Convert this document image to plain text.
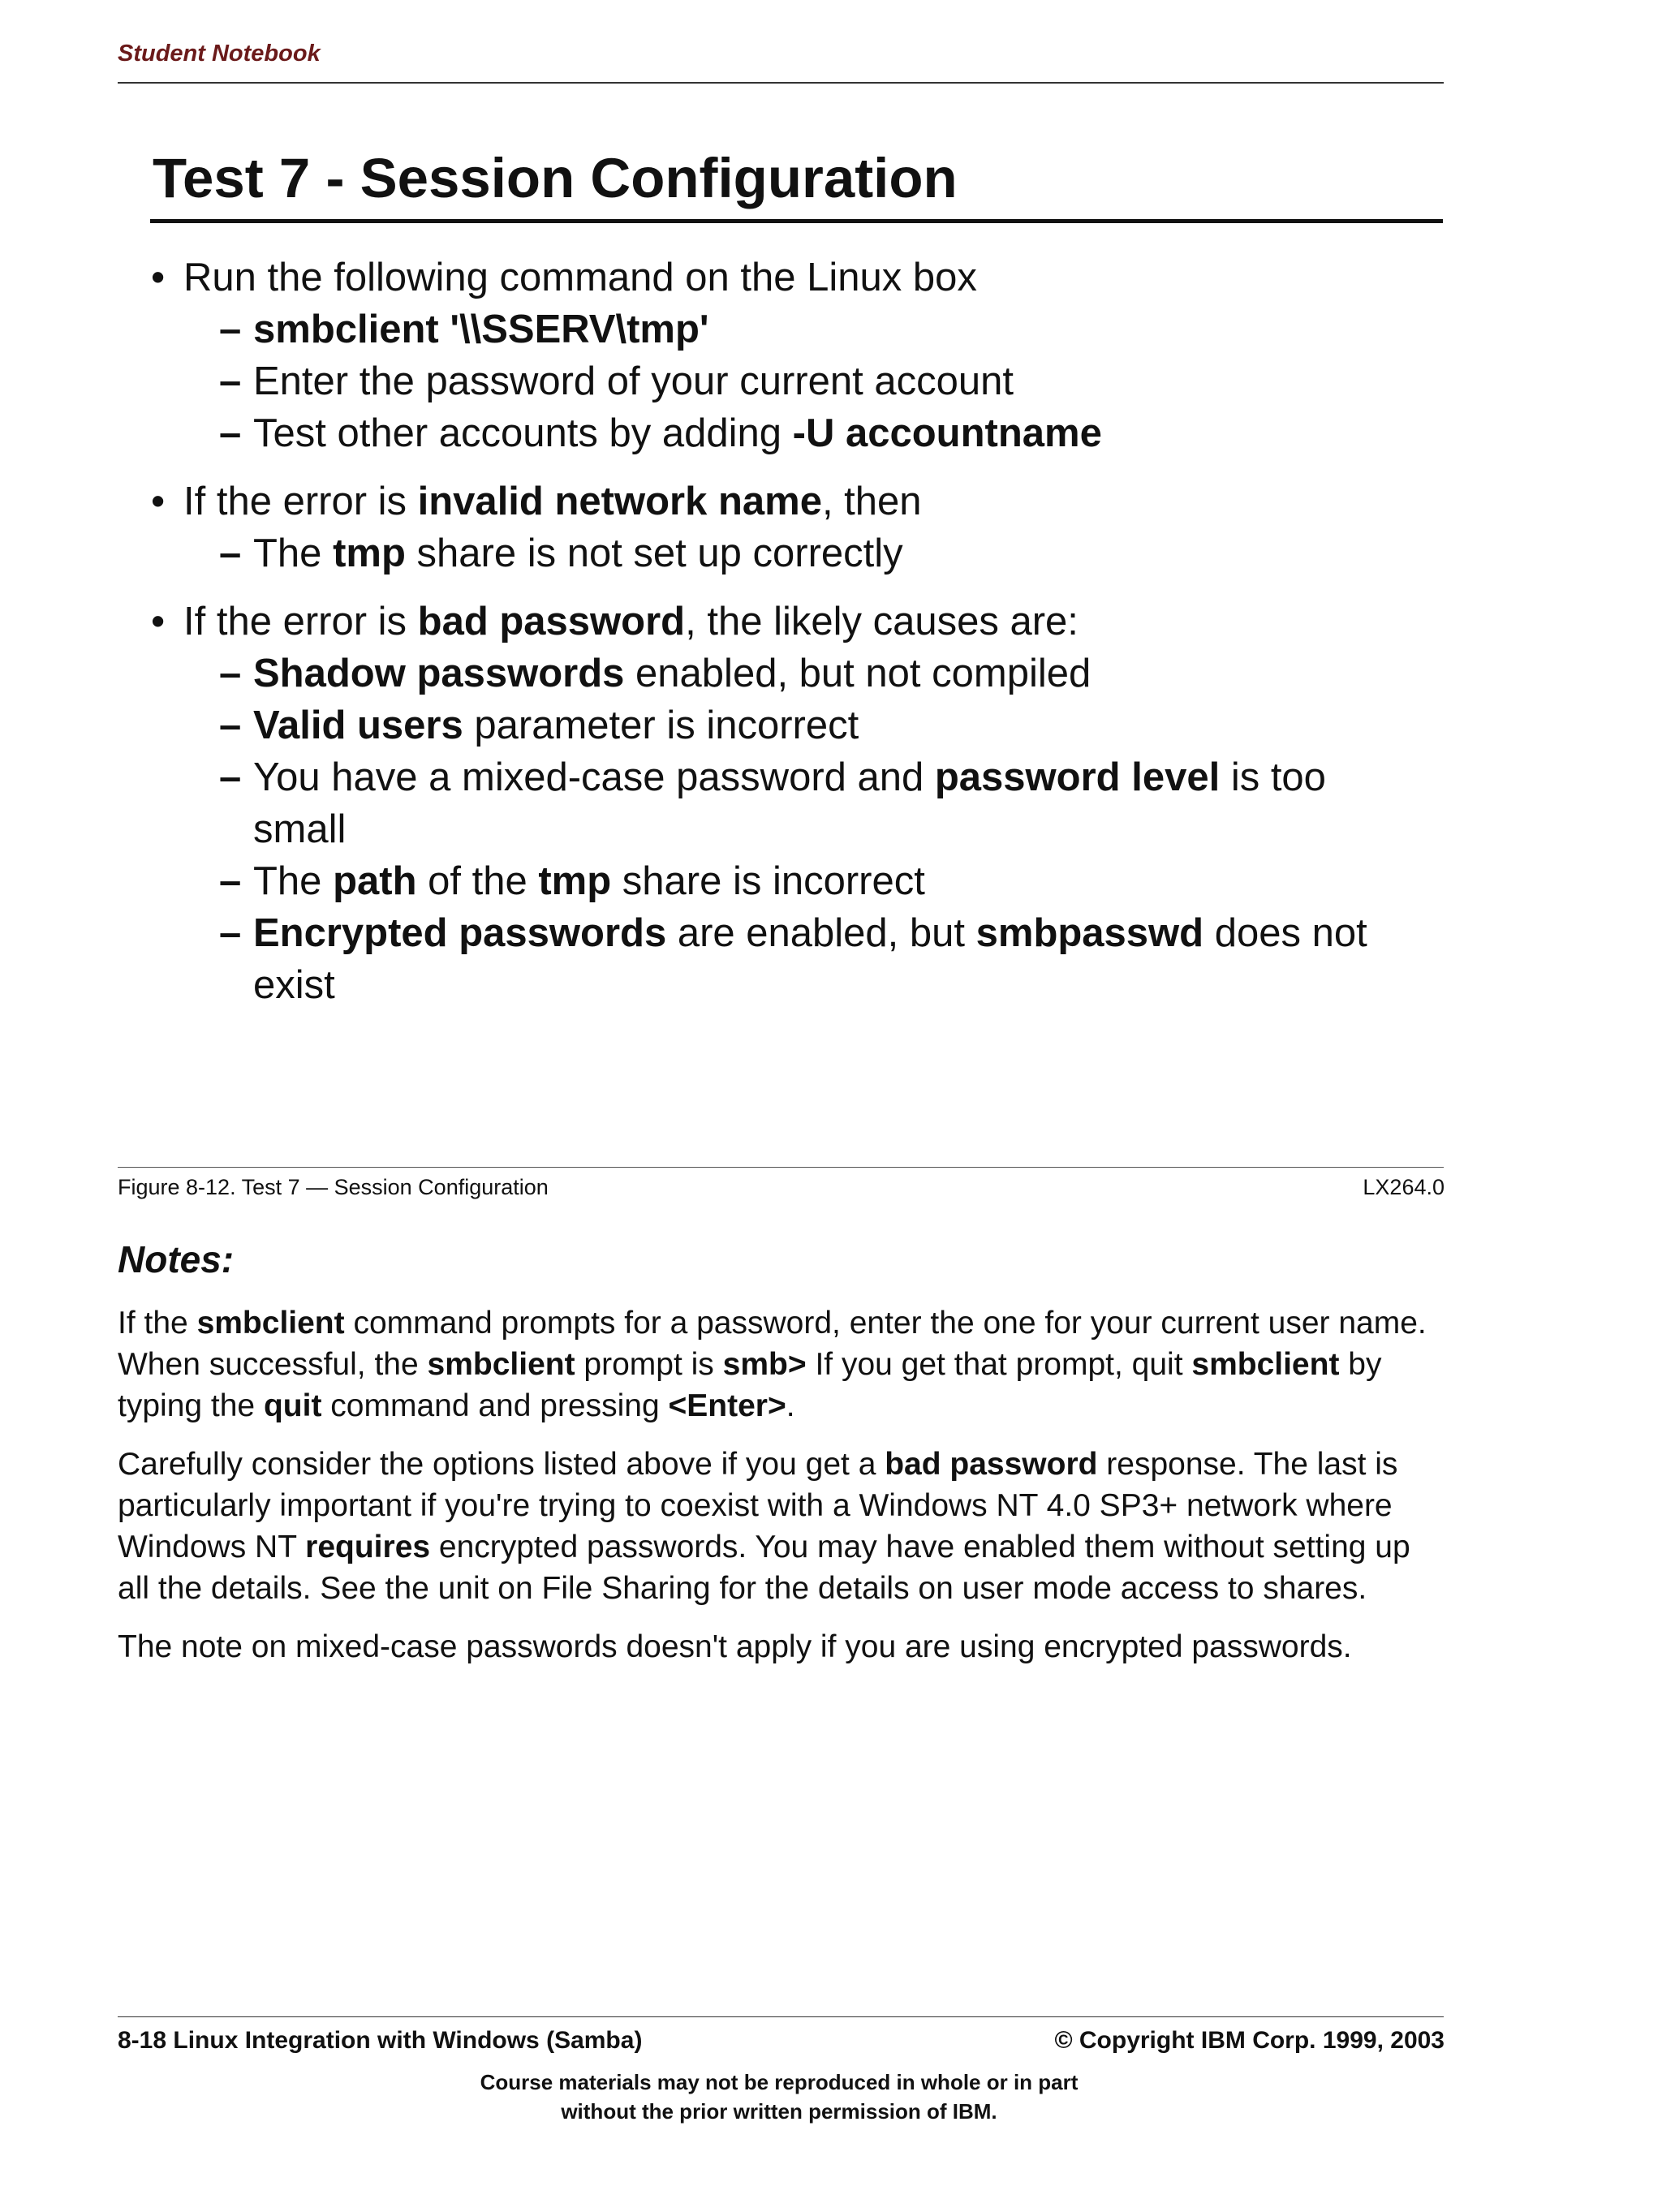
Student Notebook
Test 7 - Session Configuration
• Run the following command on the Linux box
– smbclient '\\SSERV\tmp'
– Enter the password of your current account
– Test other accounts by adding -U accountname
• If the error is invalid network name, then
– The tmp share is not set up correctly
• If the error is bad password, the likely causes are:
– Shadow passwords enabled, but not compiled
– Valid users parameter is incorrect
– You have a mixed-case password and password level is too small
– The path of the tmp share is incorrect
– Encrypted passwords are enabled, but smbpasswd does not exist
Figure 8-12. Test 7 — Session Configuration	LX264.0
Notes:

If the smbclient command prompts for a password, enter the one for your current user name. When successful, the smbclient prompt is smb> If you get that prompt, quit smbclient by typing the quit command and pressing <Enter>.

Carefully consider the options listed above if you get a bad password response. The last is particularly important if you're trying to coexist with a Windows NT 4.0 SP3+ network where Windows NT requires encrypted passwords. You may have enabled them without setting up all the details. See the unit on File Sharing for the details on user mode access to shares.

The note on mixed-case passwords doesn't apply if you are using encrypted passwords.

8-18 Linux Integration with Windows (Samba)	© Copyright IBM Corp. 1999, 2003
Course materials may not be reproduced in whole or in part
without the prior written permission of IBM.
